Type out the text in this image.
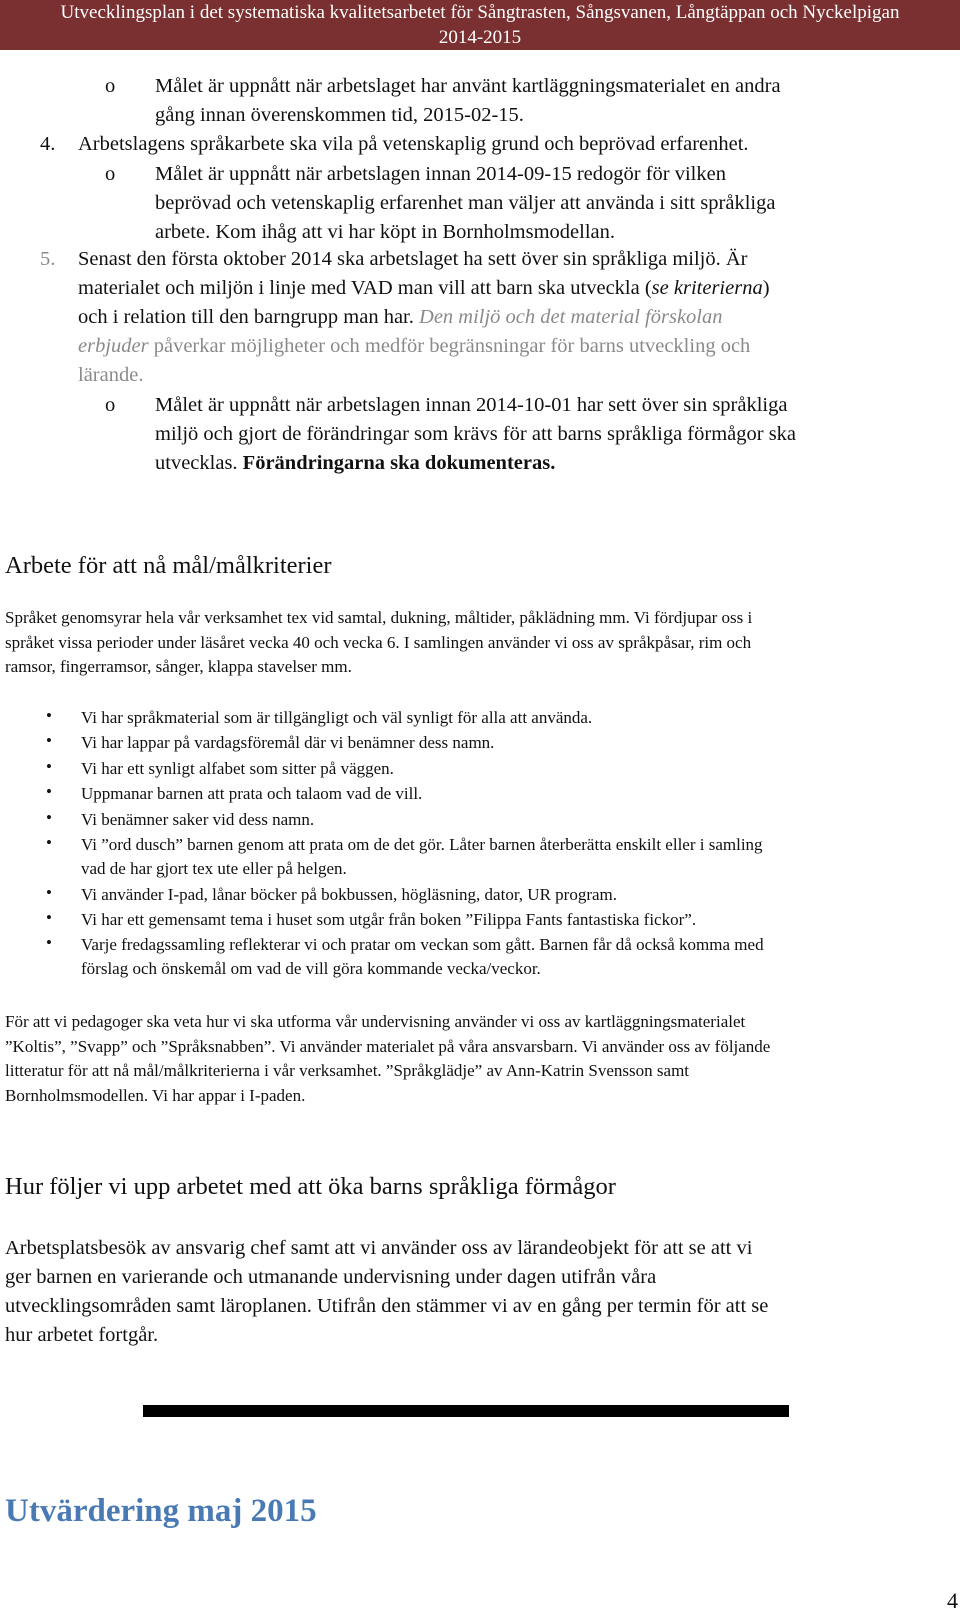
Utvecklingsplan i det systematiska kvalitetsarbetet för Sångtrasten, Sångsvanen, Långtäppan och Nyckelpigan
2014-2015
o Målet är uppnått när arbetslaget har använt kartläggningsmaterialet en andra
gång innan överenskommen tid, 2015-02-15.
4. Arbetslagens språkarbete ska vila på vetenskaplig grund och beprövad erfarenhet.
o Målet är uppnått när arbetslagen innan 2014-09-15 redogör för vilken
beprövad och vetenskaplig erfarenhet man väljer att använda i sitt språkliga
arbete. Kom ihåg att vi har köpt in Bornholmsmodellan.
5. Senast den första oktober 2014 ska arbetslaget ha sett över sin språkliga miljö. Är
materialet och miljön i linje med VAD man vill att barn ska utveckla (se kriterierna)
och i relation till den barngrupp man har. Den miljö och det material förskolan
erbjuder påverkar möjligheter och medför begränsningar för barns utveckling och
lärande.
o Målet är uppnått när arbetslagen innan 2014-10-01 har sett över sin språkliga
miljö och gjort de förändringar som krävs för att barns språkliga förmågor ska
utvecklas. Förändringarna ska dokumenteras.
Arbete för att nå mål/målkriterier
Språket genomsyrar hela vår verksamhet tex vid samtal, dukning, måltider, påklädning mm. Vi fördjupar oss i
språket vissa perioder under läsåret vecka 40 och vecka 6. I samlingen använder vi oss av språkpåsar, rim och
ramsor, fingerramsor, sånger, klappa stavelser mm.
• Vi har språkmaterial som är tillgängligt och väl synligt för alla att använda.
• Vi har lappar på vardagsföremål där vi benämner dess namn.
• Vi har ett synligt alfabet som sitter på väggen.
• Uppmanar barnen att prata och talaom vad de vill.
• Vi benämner saker vid dess namn.
• Vi ”ord dusch” barnen genom att prata om de det gör. Låter barnen återberätta enskilt eller i samling
vad de har gjort tex ute eller på helgen.
• Vi använder I-pad, lånar böcker på bokbussen, högläsning, dator, UR program.
• Vi har ett gemensamt tema i huset som utgår från boken ”Filippa Fants fantastiska fickor”.
• Varje fredagssamling reflekterar vi och pratar om veckan som gått. Barnen får då också komma med
förslag och önskemål om vad de vill göra kommande vecka/veckor.
För att vi pedagoger ska veta hur vi ska utforma vår undervisning använder vi oss av kartläggningsmaterialet
”Koltis”, ”Svapp” och ”Språksnabben”. Vi använder materialet på våra ansvarsbarn. Vi använder oss av följande
litteratur för att nå mål/målkriterierna i vår verksamhet. ”Språkglädje” av Ann-Katrin Svensson samt
Bornholmsmodellen. Vi har appar i I-paden.
Hur följer vi upp arbetet med att öka barns språkliga förmågor
Arbetsplatsbesök av ansvarig chef samt att vi använder oss av lärandeobjekt för att se att vi
ger barnen en varierande och utmanande undervisning under dagen utifrån våra
utvecklingsområden samt läroplanen. Utifrån den stämmer vi av en gång per termin för att se
hur arbetet fortgår.
Utvärdering maj 2015
4
